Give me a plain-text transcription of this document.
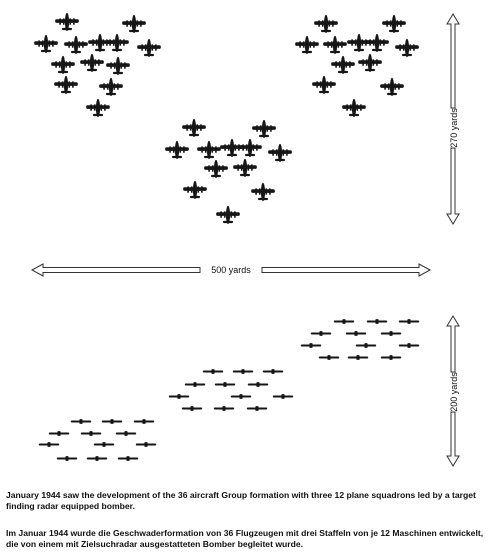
270 yards
500 yards
200 yards

January 1944 saw the development of the 36 aircraft Group formation with three 12 plane squadrons led by a target finding radar equipped bomber.

Im Januar 1944 wurde die Geschwaderformation von 36 Flugzeugen mit drei Staffeln von je 12 Maschinen entwickelt, die von einem mit Zielsuchradar ausgestatteten Bomber begleitet wurde.
